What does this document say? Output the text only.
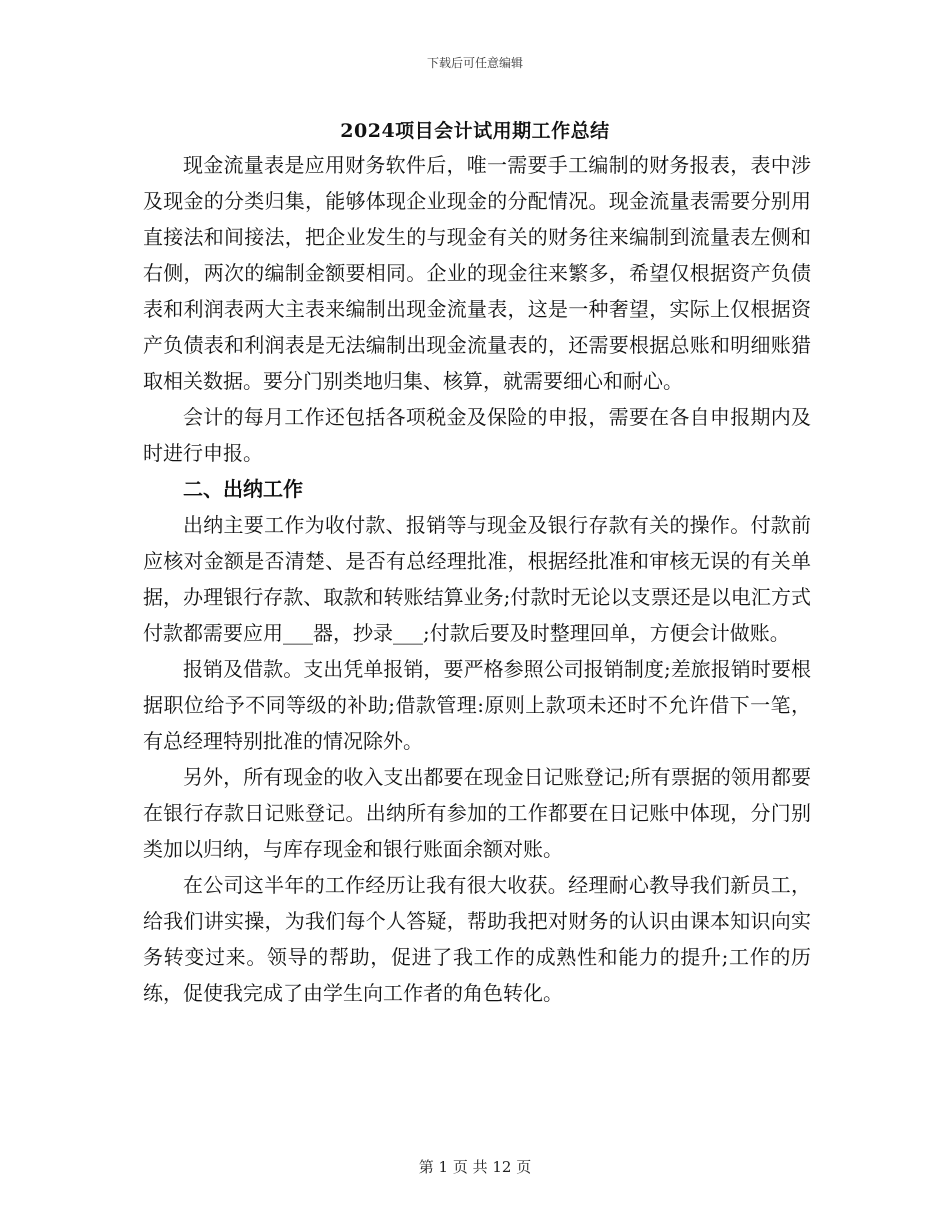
下载后可任意编辑
2024项目会计试用期工作总结

现金流量表是应用财务软件后，唯一需要手工编制的财务报表，表中涉及现金的分类归集，能够体现企业现金的分配情况。现金流量表需要分别用直接法和间接法，把企业发生的与现金有关的财务往来编制到流量表左侧和右侧，两次的编制金额要相同。企业的现金往来繁多，希望仅根据资产负债表和利润表两大主表来编制出现金流量表，这是一种奢望，实际上仅根据资产负债表和利润表是无法编制出现金流量表的，还需要根据总账和明细账猎取相关数据。要分门别类地归集、核算，就需要细心和耐心。

会计的每月工作还包括各项税金及保险的申报，需要在各自申报期内及时进行申报。

二、出纳工作

出纳主要工作为收付款、报销等与现金及银行存款有关的操作。付款前应核对金额是否清楚、是否有总经理批准，根据经批准和审核无误的有关单据，办理银行存款、取款和转账结算业务;付款时无论以支票还是以电汇方式付款都需要应用___器，抄录___;付款后要及时整理回单，方便会计做账。

报销及借款。支出凭单报销，要严格参照公司报销制度;差旅报销时要根据职位给予不同等级的补助;借款管理:原则上款项未还时不允许借下一笔，有总经理特别批准的情况除外。

另外，所有现金的收入支出都要在现金日记账登记;所有票据的领用都要在银行存款日记账登记。出纳所有参加的工作都要在日记账中体现，分门别类加以归纳，与库存现金和银行账面余额对账。

在公司这半年的工作经历让我有很大收获。经理耐心教导我们新员工，给我们讲实操，为我们每个人答疑，帮助我把对财务的认识由课本知识向实务转变过来。领导的帮助，促进了我工作的成熟性和能力的提升;工作的历练，促使我完成了由学生向工作者的角色转化。

第 1 页 共 12 页
